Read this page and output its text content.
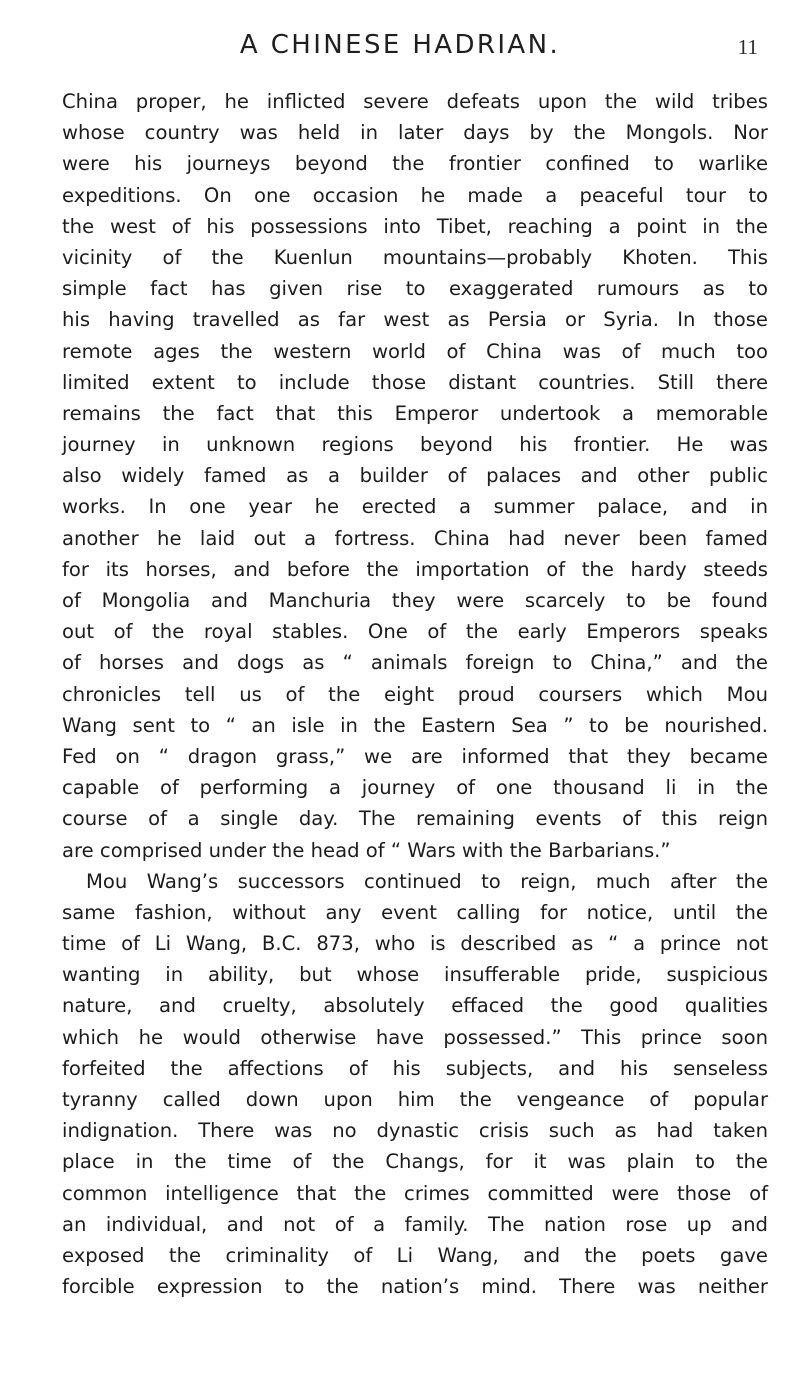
A CHINESE HADRIAN.	11
China proper, he inflicted severe defeats upon the wild tribes
whose country was held in later days by the Mongols. Nor
were his journeys beyond the frontier confined to warlike
expeditions. On one occasion he made a peaceful tour to
the west of his possessions into Tibet, reaching a point in the
vicinity of the Kuenlun mountains—probably Khoten. This
simple fact has given rise to exaggerated rumours as to
his having travelled as far west as Persia or Syria. In those
remote ages the western world of China was of much too
limited extent to include those distant countries. Still there
remains the fact that this Emperor undertook a memorable
journey in unknown regions beyond his frontier. He was
also widely famed as a builder of palaces and other public
works. In one year he erected a summer palace, and in
another he laid out a fortress. China had never been famed
for its horses, and before the importation of the hardy steeds
of Mongolia and Manchuria they were scarcely to be found
out of the royal stables. One of the early Emperors speaks
of horses and dogs as “ animals foreign to China,” and the
chronicles tell us of the eight proud coursers which Mou
Wang sent to “ an isle in the Eastern Sea ” to be nourished.
Fed on “ dragon grass,” we are informed that they became
capable of performing a journey of one thousand li in the
course of a single day. The remaining events of this reign
are comprised under the head of “ Wars with the Barbarians.”
Mou Wang’s successors continued to reign, much after the
same fashion, without any event calling for notice, until the
time of Li Wang, B.C. 873, who is described as “ a prince not
wanting in ability, but whose insufferable pride, suspicious
nature, and cruelty, absolutely effaced the good qualities
which he would otherwise have possessed.” This prince soon
forfeited the affections of his subjects, and his senseless
tyranny called down upon him the vengeance of popular
indignation. There was no dynastic crisis such as had taken
place in the time of the Changs, for it was plain to the
common intelligence that the crimes committed were those of
an individual, and not of a family. The nation rose up and
exposed the criminality of Li Wang, and the poets gave
forcible expression to the nation’s mind. There was neither
